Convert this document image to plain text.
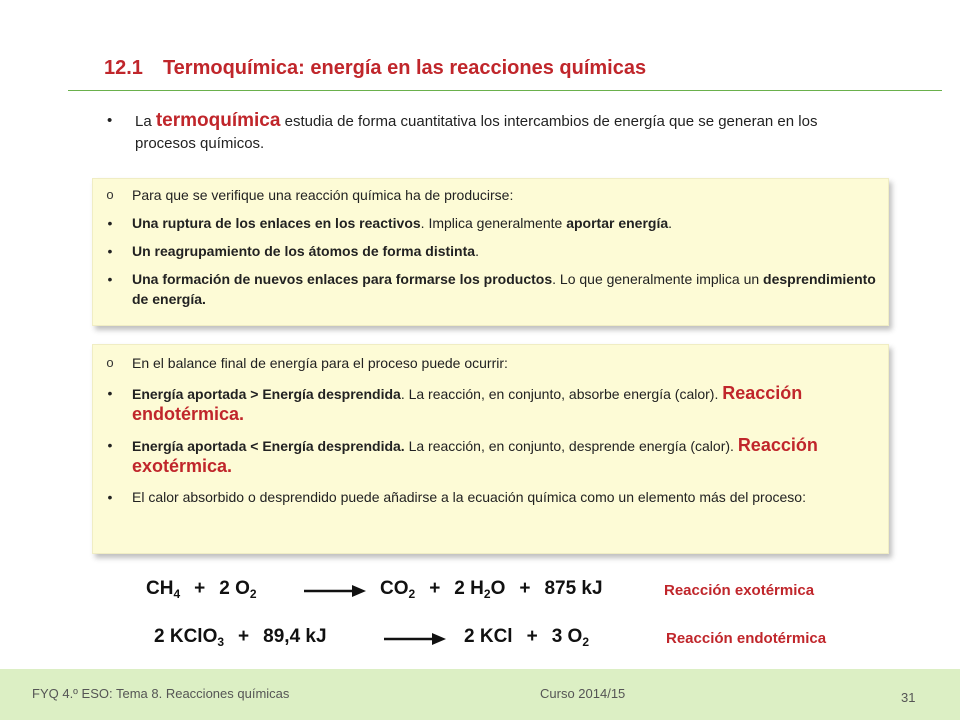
12.1 Termoquímica: energía en las reacciones químicas
• La termoquímica estudia de forma cuantitativa los intercambios de energía que se generan en los procesos químicos.
o Para que se verifique una reacción química ha de producirse:
•	Una ruptura de los enlaces en los reactivos. Implica generalmente aportar energía.
•	Un reagrupamiento de los átomos de forma distinta.
•	Una formación de nuevos enlaces para formarse los productos. Lo que generalmente implica un desprendimiento de energía.
o En el balance final de energía para el proceso puede ocurrir:
•	Energía aportada > Energía desprendida. La reacción, en conjunto, absorbe energía (calor). Reacción endotérmica.
•	Energía aportada < Energía desprendida. La reacción, en conjunto, desprende energía (calor). Reacción exotérmica.
•	El calor absorbido o desprendido puede añadirse a la ecuación química como un elemento más del proceso:
$CH_4 + 2$ $O_2$	→ $CO_2 + 2$ $H_2O + 875$ kJ	Reacción exotérmica
2 KClO$_3$ + 89,4 kJ	→ 2 KCl + 3 $O_2$	Reacción endotérmica
FYQ 4.º ESO: Tema 8. Reacciones químicas	Curso 2014/15	31
